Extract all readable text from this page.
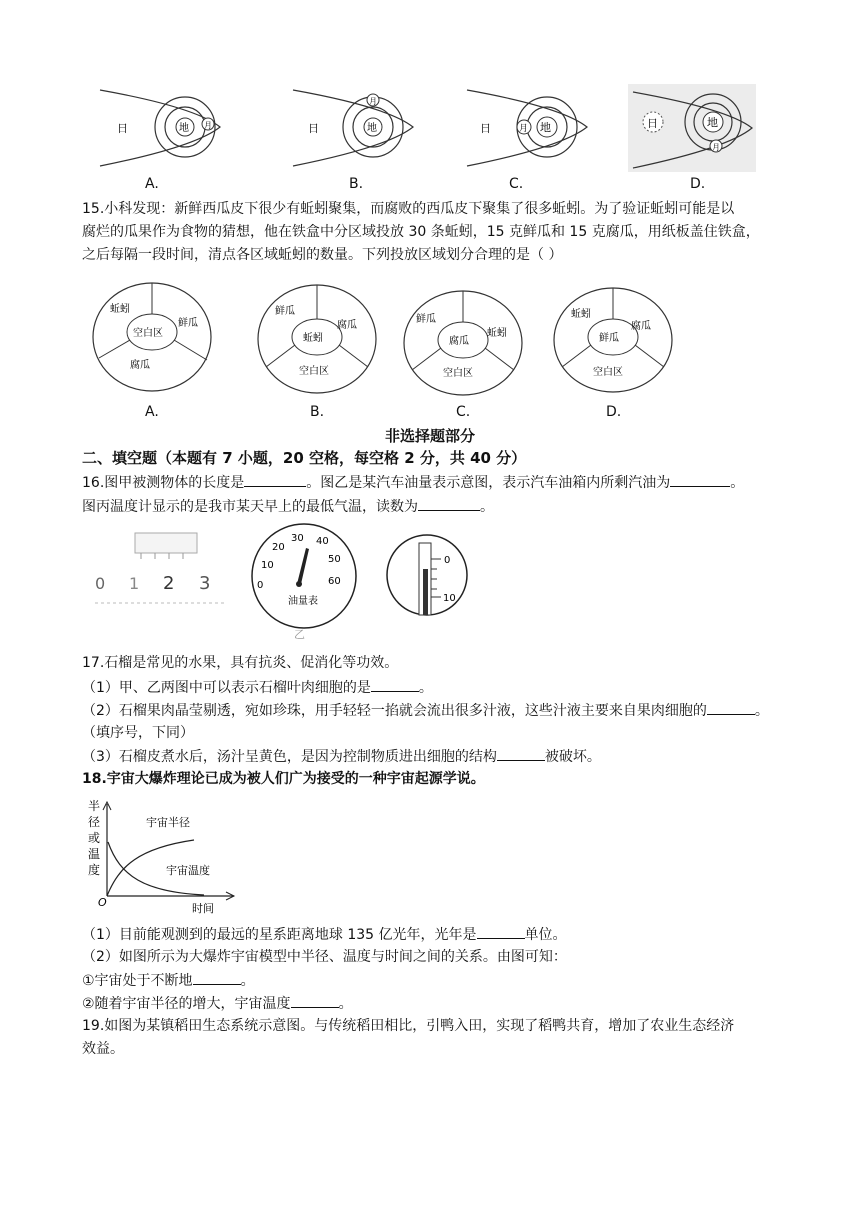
日	地 月	日	地
月
日	地
月	日	地
月
A.	B.	C.	D.
15.小科发现：新鲜西瓜皮下很少有蚯蚓聚集，而腐败的西瓜皮下聚集了很多蚯蚓。为了验证蚯蚓可能是以
腐烂的瓜果作为食物的猜想，他在铁盒中分区域投放 30 条蚯蚓，15 克鲜瓜和 15 克腐瓜，用纸板盖住铁盒，
之后每隔一段时间，清点各区域蚯蚓的数量。下列投放区域划分合理的是（ ）
空白区
蚯蚓
鲜瓜
腐瓜
蚯蚓
鲜瓜
腐瓜
空白区
腐瓜
鲜瓜
蚯蚓
空白区
鲜瓜
蚯蚓
腐瓜
空白区
A.	B.	C.	D.
非选择题部分
二、填空题（本题有 7 小题，20 空格，每空格 2 分，共 40 分）
16.图甲被测物体的长度是	。图乙是某汽车油量表示意图，表示汽车油箱内所剩汽油为	。
图丙温度计显示的是我市某天早上的最低气温，读数为	。
0 1 2 3	0
10
20
30 40
50
60
油量表
乙
0
10
17.石榴是常见的水果，具有抗炎、促消化等功效。
（1）甲、乙两图中可以表示石榴叶肉细胞的是	。
（2）石榴果肉晶莹剔透，宛如珍珠，用手轻轻一掐就会流出很多汁液，这些汁液主要来自果肉细胞的	。
（填序号，下同）
（3）石榴皮煮水后，汤汁呈黄色，是因为控制物质进出细胞的结构	被破坏。
18.宇宙大爆炸理论已成为被人们广为接受的一种宇宙起源学说。
半
径
或
温
度
O	时间
宇宙半径
宇宙温度
（1）目前能观测到的最远的星系距离地球 135 亿光年，光年是	单位。
（2）如图所示为大爆炸宇宙模型中半径、温度与时间之间的关系。由图可知：
①宇宙处于不断地	。
②随着宇宙半径的增大，宇宙温度	。
19.如图为某镇稻田生态系统示意图。与传统稻田相比，引鸭入田，实现了稻鸭共育，增加了农业生态经济
效益。
